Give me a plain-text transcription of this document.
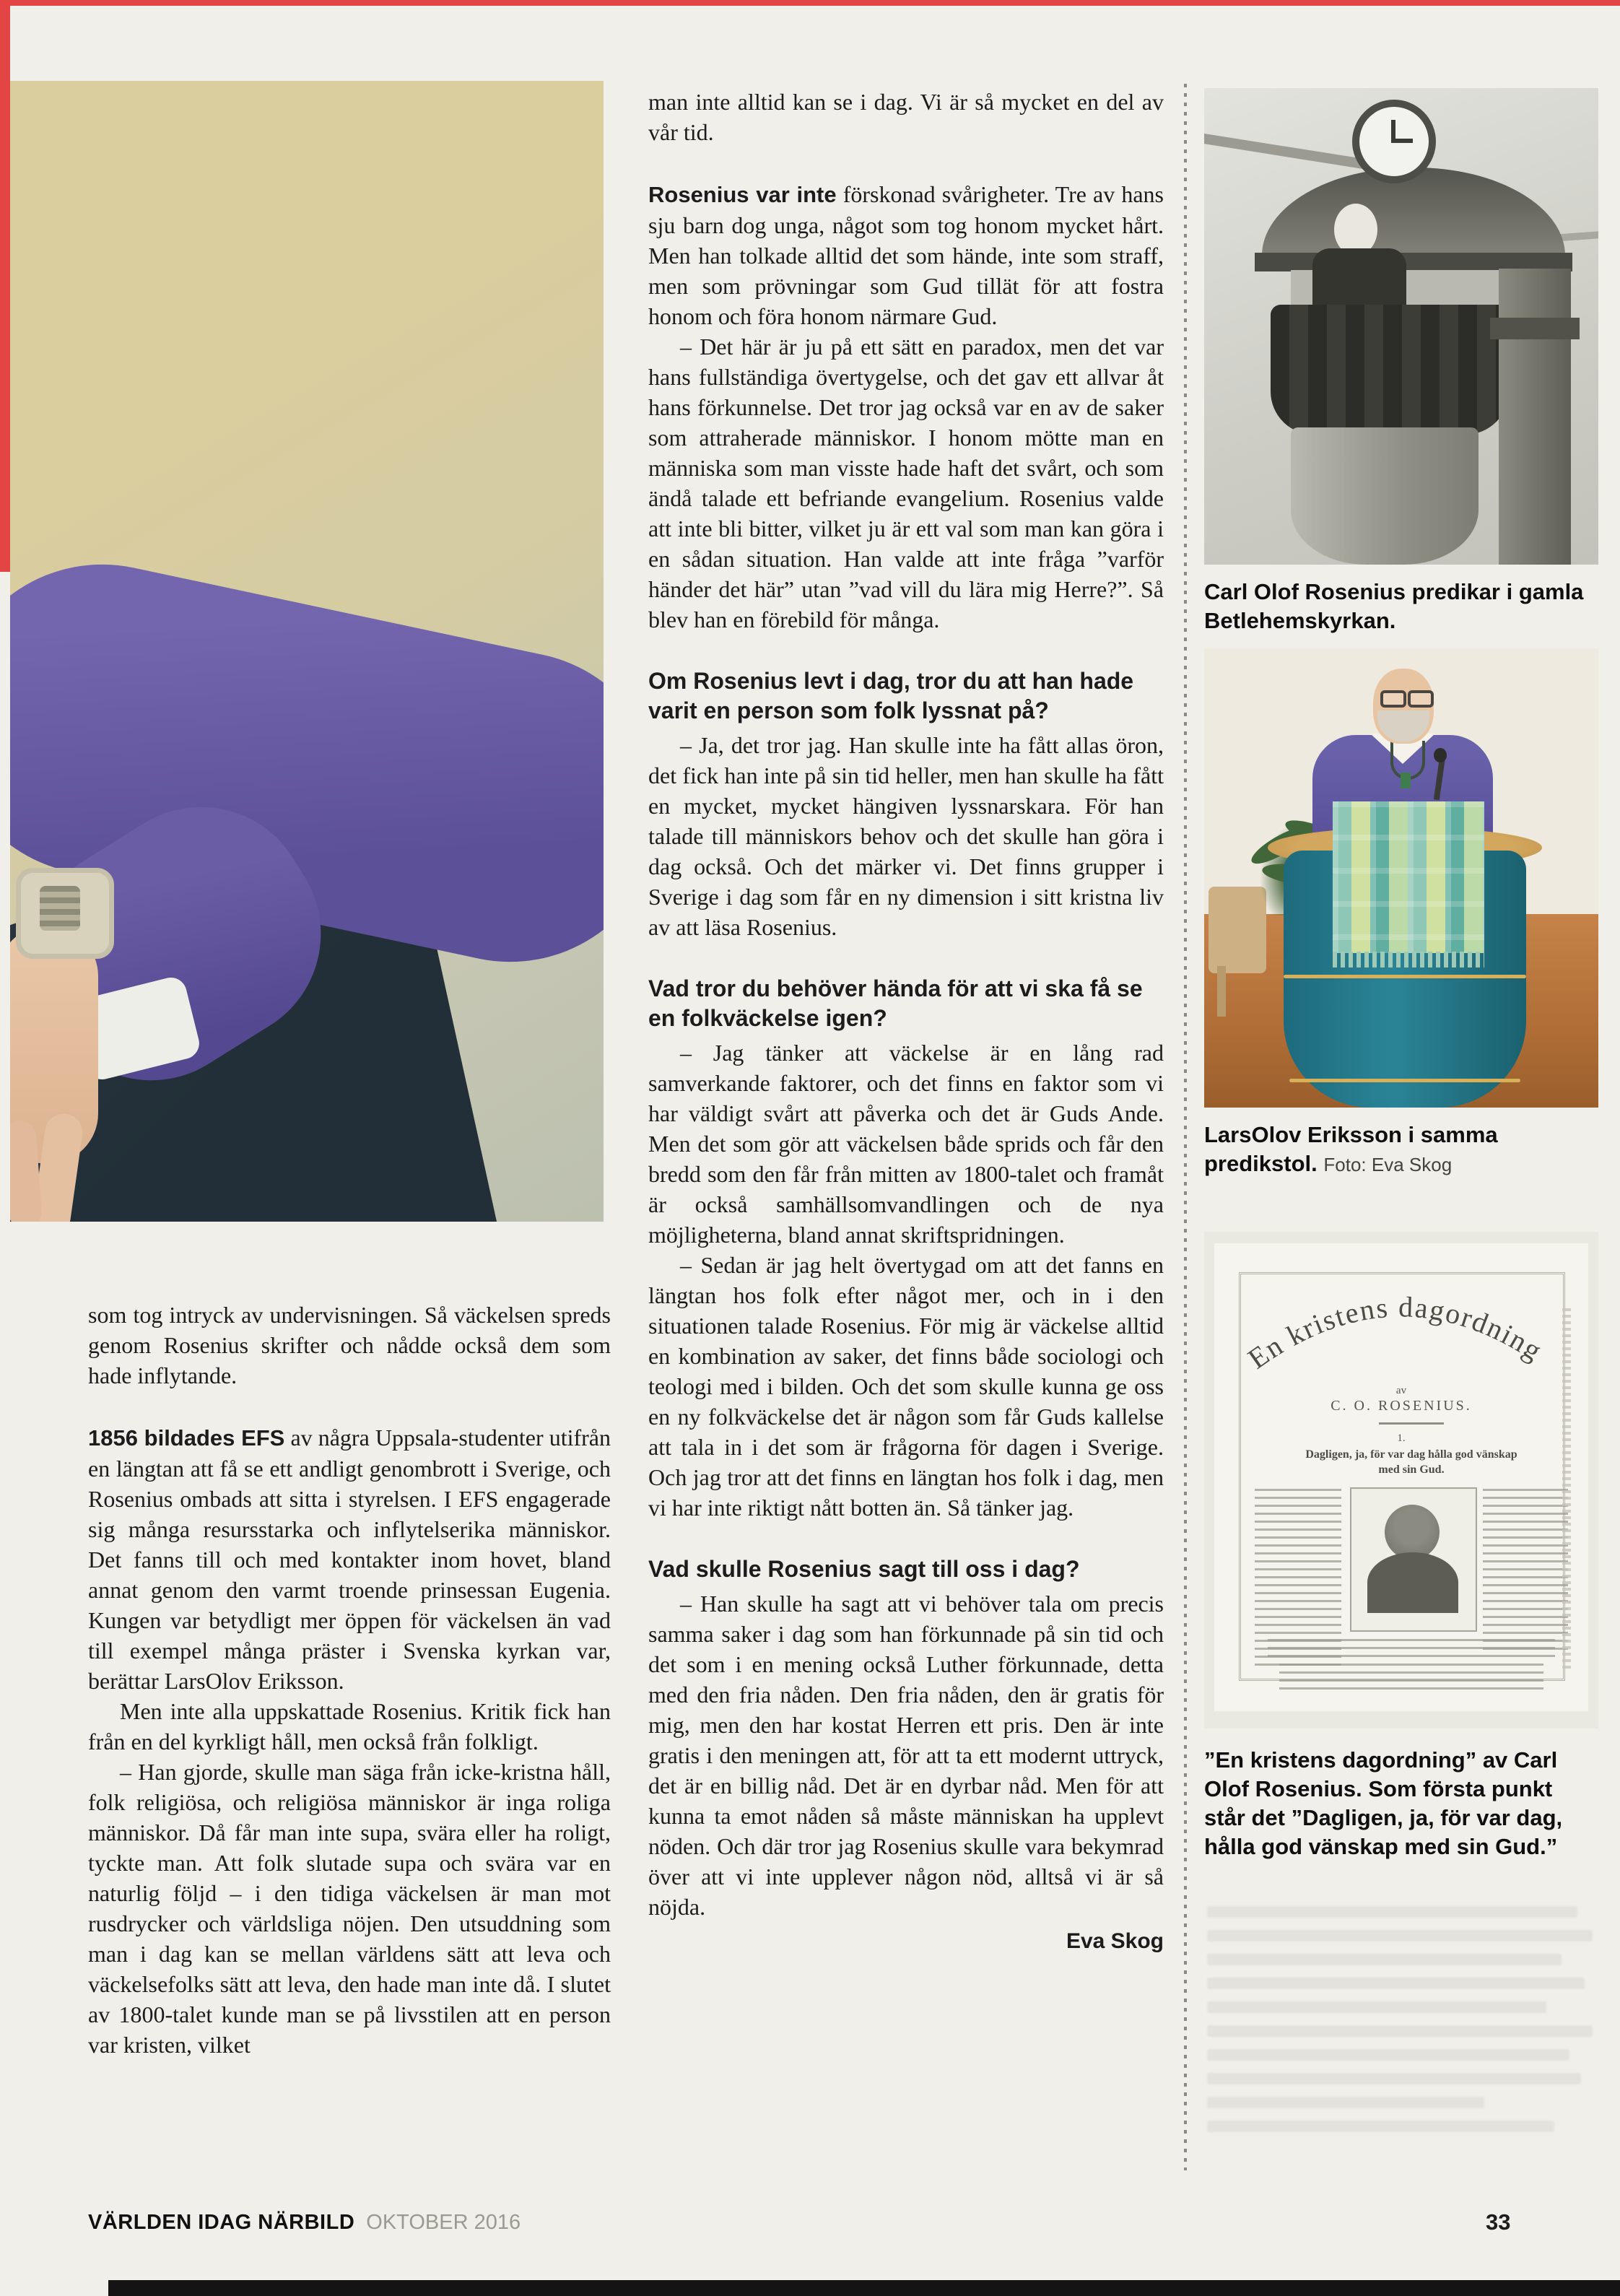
som tog intryck av undervisningen. Så väckelsen spreds genom Rosenius skrifter och nådde också dem som hade inflytande.

1856 bildades EFS av några Uppsala-studenter utifrån en längtan att få se ett andligt genombrott i Sverige, och Rosenius ombads att sitta i styrelsen. I EFS engagerade sig många resursstarka och inflytelserika människor. Det fanns till och med kontakter inom hovet, bland annat genom den varmt troende prinsessan Eugenia. Kungen var betydligt mer öppen för väckelsen än vad till exempel många präster i Svenska kyrkan var, berättar LarsOlov Eriksson.

Men inte alla uppskattade Rosenius. Kritik fick han från en del kyrkligt håll, men också från folkligt.

– Han gjorde, skulle man säga från icke-kristna håll, folk religiösa, och religiösa människor är inga roliga människor. Då får man inte supa, svära eller ha roligt, tyckte man. Att folk slutade supa och svära var en naturlig följd – i den tidiga väckelsen är man mot rusdrycker och världsliga nöjen. Den utsuddning som man i dag kan se mellan världens sätt att leva och väckelsefolks sätt att leva, den hade man inte då. I slutet av 1800-talet kunde man se på livsstilen att en person var kristen, vilket

man inte alltid kan se i dag. Vi är så mycket en del av vår tid.

Rosenius var inte förskonad svårigheter. Tre av hans sju barn dog unga, något som tog honom mycket hårt. Men han tolkade alltid det som hände, inte som straff, men som prövningar som Gud tillät för att fostra honom och föra honom närmare Gud.

– Det här är ju på ett sätt en paradox, men det var hans fullständiga övertygelse, och det gav ett allvar åt hans förkunnelse. Det tror jag också var en av de saker som attraherade människor. I honom mötte man en människa som man visste hade haft det svårt, och som ändå talade ett befriande evangelium. Rosenius valde att inte bli bitter, vilket ju är ett val som man kan göra i en sådan situation. Han valde att inte fråga ”varför händer det här” utan ”vad vill du lära mig Herre?”. Så blev han en förebild för många.

Om Rosenius levt i dag, tror du att han hade varit en person som folk lyssnat på?

– Ja, det tror jag. Han skulle inte ha fått allas öron, det fick han inte på sin tid heller, men han skulle ha fått en mycket, mycket hängiven lyssnarskara. För han talade till människors behov och det skulle han göra i dag också. Och det märker vi. Det finns grupper i Sverige i dag som får en ny dimension i sitt kristna liv av att läsa Rosenius.

Vad tror du behöver hända för att vi ska få se en folkväckelse igen?

– Jag tänker att väckelse är en lång rad samverkande faktorer, och det finns en faktor som vi har väldigt svårt att påverka och det är Guds Ande. Men det som gör att väckelsen både sprids och får den bredd som den får från mitten av 1800-talet och framåt är också samhällsomvandlingen och de nya möjligheterna, bland annat skriftspridningen.

– Sedan är jag helt övertygad om att det fanns en längtan hos folk efter något mer, och in i den situationen talade Rosenius. För mig är väckelse alltid en kombination av saker, det finns både sociologi och teologi med i bilden. Och det som skulle kunna ge oss en ny folkväckelse det är någon som får Guds kallelse att tala in i det som är frågorna för dagen i Sverige. Och jag tror att det finns en längtan hos folk i dag, men vi har inte riktigt nått botten än. Så tänker jag.

Vad skulle Rosenius sagt till oss i dag?

– Han skulle ha sagt att vi behöver tala om precis samma saker i dag som han förkunnade på sin tid och det som i en mening också Luther förkunnade, detta med den fria nåden. Den fria nåden, den är gratis för mig, men den har kostat Herren ett pris. Den är inte gratis i den meningen att, för att ta ett modernt uttryck, det är en billig nåd. Det är en dyrbar nåd. Men för att kunna ta emot nåden så måste människan ha upplevt nöden. Och där tror jag Rosenius skulle vara bekymrad över att vi inte upplever någon nöd, alltså vi är så nöjda.

Eva Skog

Carl Olof Rosenius predikar i gamla Betlehemskyrkan.
LarsOlov Eriksson i samma predikstol. Foto: Eva Skog
En kristens dagordning
av
C. O. ROSENIUS.
1.
Dagligen, ja, för var dag hålla god vänskap med sin Gud.
”En kristens dagordning” av Carl Olof Rosenius. Som första punkt står det ”Dagligen, ja, för var dag, hålla god vänskap med sin Gud.”
VÄRLDEN IDAG NÄRBILD OKTOBER 2016	33
